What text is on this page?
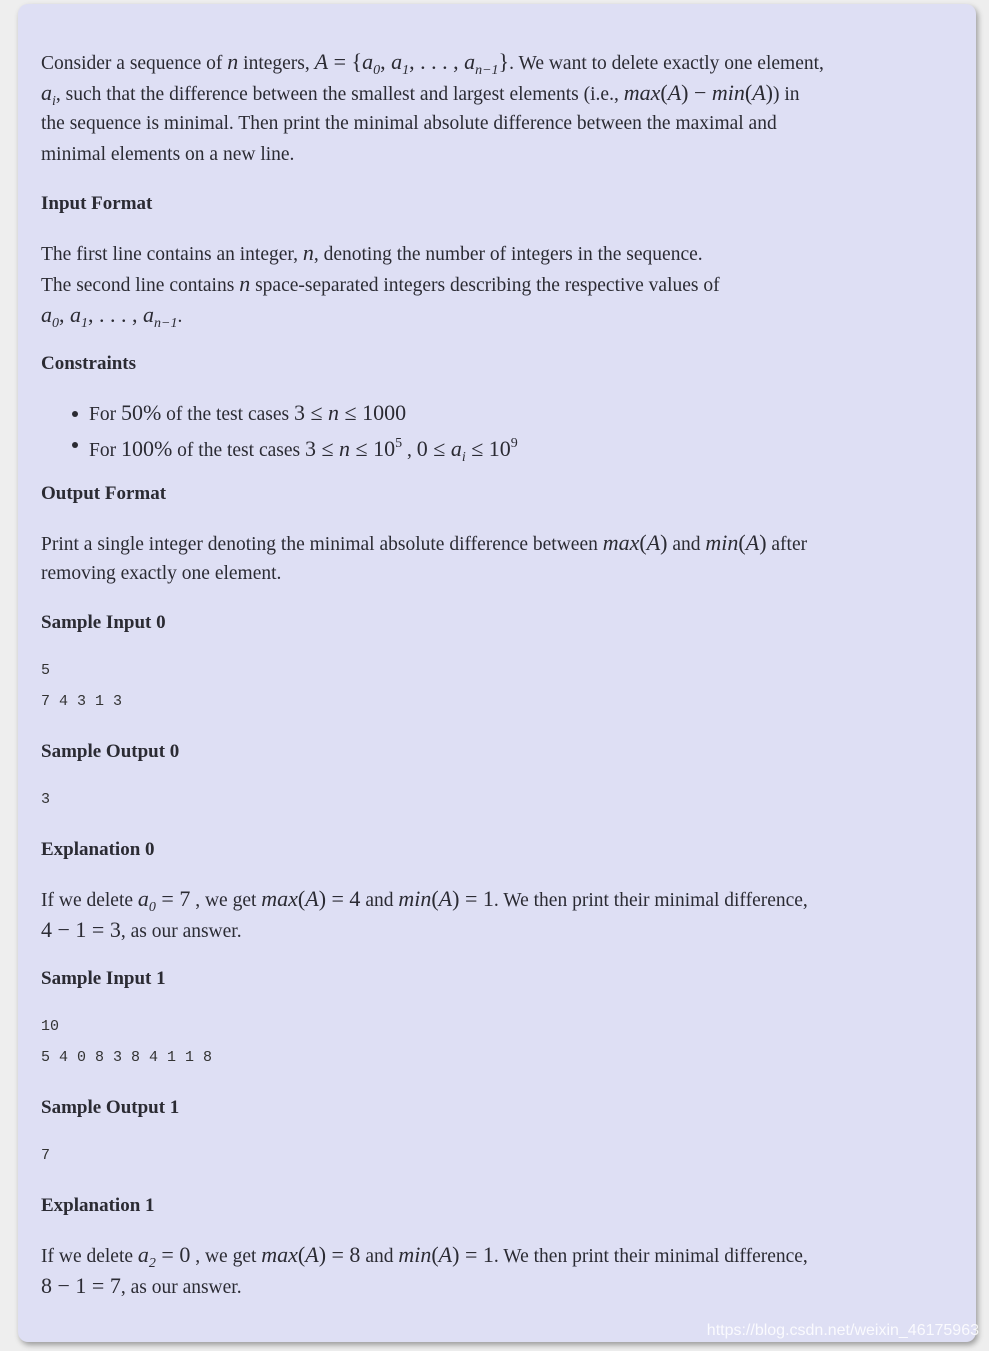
Consider a sequence of n integers, $A = \{a_0$, $a_1$, . . . , $a_{n-1}$}. We want to delete exactly one element,
$a_i$, such that the difference between the smallest and largest elements (i.e., max(A) − min(A)) in
the sequence is minimal. Then print the minimal absolute difference between the maximal and
minimal elements on a new line.
Input Format
The first line contains an integer, n, denoting the number of integers in the sequence.
The second line contains n space-separated integers describing the respective values of
$a_0$, $a_1$, . . . , $a_{n-1}$.
Constraints
For 50% of the test cases 3 ≤ n ≤ 1000
For 100% of the test cases $3 \le n \le 10^5$ , $0 \le a_i \le 10^9$
Output Format
Print a single integer denoting the minimal absolute difference between max(A) and min(A) after
removing exactly one element.
Sample Input 0
5
7 4 3 1 3
Sample Output 0
3
Explanation 0
If we delete $a_0 = 7$ , we get max(A) = 4 and min(A) = 1. We then print their minimal difference,
4 − 1 = 3, as our answer.
Sample Input 1
10
5 4 0 8 3 8 4 1 1 8
Sample Output 1
7
Explanation 1
If we delete $a_2 = 0$ , we get max(A) = 8 and min(A) = 1. We then print their minimal difference,
8 − 1 = 7, as our answer.
https://blog.csdn.net/weixin_46175963
